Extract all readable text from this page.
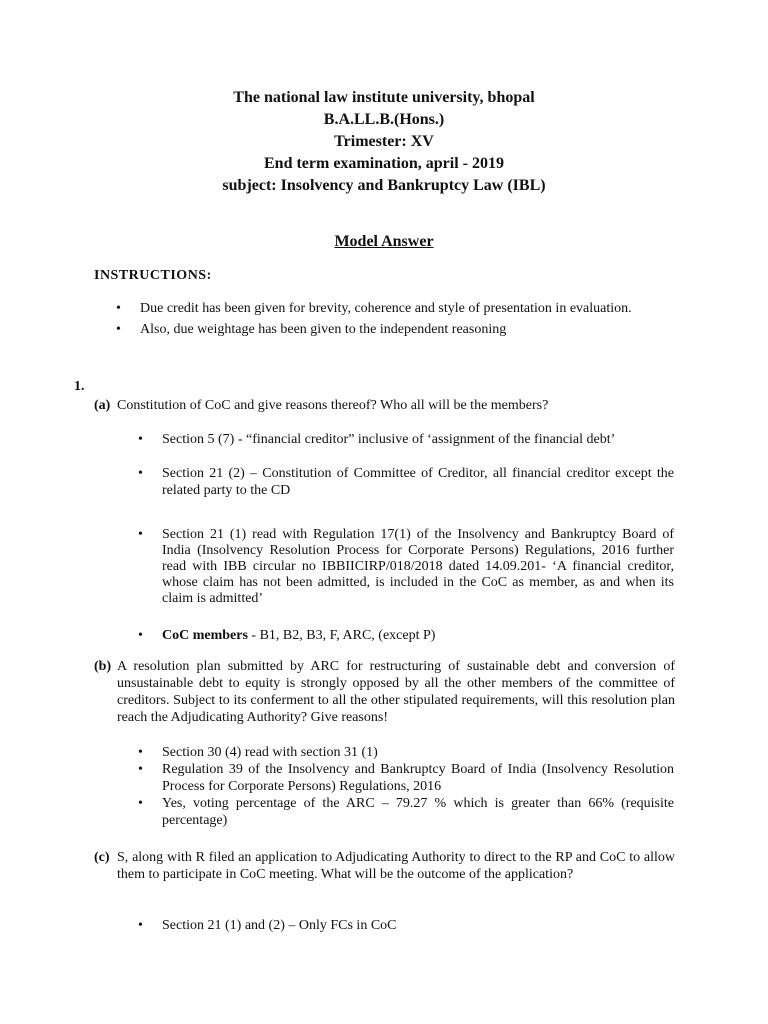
The national law institute university, bhopal
B.A.LL.B.(Hons.)
Trimester: XV
End term examination, april - 2019
subject: Insolvency and Bankruptcy Law (IBL)
Model Answer
INSTRUCTIONS:
• Due credit has been given for brevity, coherence and style of presentation in evaluation.
• Also, due weightage has been given to the independent reasoning
1.
(a) Constitution of CoC and give reasons thereof? Who all will be the members?
• Section 5 (7) - “financial creditor” inclusive of ‘assignment of the financial debt’
• Section 21 (2) – Constitution of Committee of Creditor, all financial creditor except the related party to the CD
• Section 21 (1) read with Regulation 17(1) of the Insolvency and Bankruptcy Board of India (Insolvency Resolution Process for Corporate Persons) Regulations, 2016 further read with IBB circular no IBBIICIRP/018/2018 dated 14.09.201- ‘A financial creditor, whose claim has not been admitted, is included in the CoC as member, as and when its claim is admitted’
• CoC members - B1, B2, B3, F, ARC, (except P)
(b) A resolution plan submitted by ARC for restructuring of sustainable debt and conversion of unsustainable debt to equity is strongly opposed by all the other members of the committee of creditors. Subject to its conferment to all the other stipulated requirements, will this resolution plan reach the Adjudicating Authority? Give reasons!
• Section 30 (4) read with section 31 (1)
• Regulation 39 of the Insolvency and Bankruptcy Board of India (Insolvency Resolution Process for Corporate Persons) Regulations, 2016
• Yes, voting percentage of the ARC – 79.27 % which is greater than 66% (requisite percentage)
(c) S, along with R filed an application to Adjudicating Authority to direct to the RP and CoC to allow them to participate in CoC meeting. What will be the outcome of the application?
• Section 21 (1) and (2) – Only FCs in CoC
